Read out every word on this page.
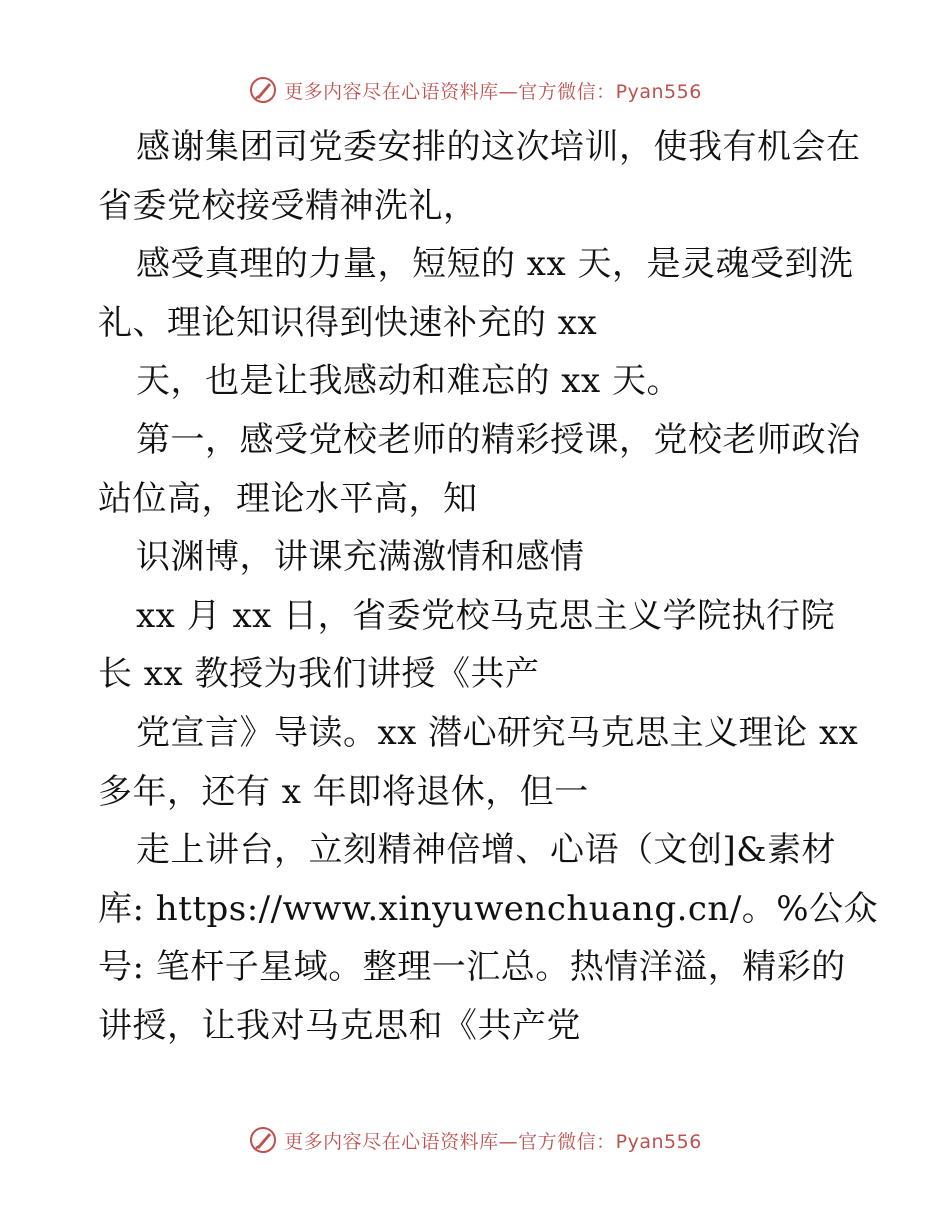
更多内容尽在心语资料库—官方微信：Pyan556
感谢集团司党委安排的这次培训，使我有机会在
省委党校接受精神洗礼，
感受真理的力量，短短的 xx 天，是灵魂受到洗
礼、理论知识得到快速补充的 xx
天，也是让我感动和难忘的 xx 天。
第一，感受党校老师的精彩授课，党校老师政治
站位高，理论水平高，知
识渊博，讲课充满激情和感情
xx 月 xx 日，省委党校马克思主义学院执行院
长 xx 教授为我们讲授《共产
党宣言》导读。xx 潜心研究马克思主义理论 xx
多年，还有 x 年即将退休，但一
走上讲台，立刻精神倍增、心语（文创]&素材
库: https://www.xinyuwenchuang.cn/。%公众
号: 笔杆子星域。整理一汇总。热情洋溢，精彩的
讲授，让我对马克思和《共产党
更多内容尽在心语资料库—官方微信：Pyan556
